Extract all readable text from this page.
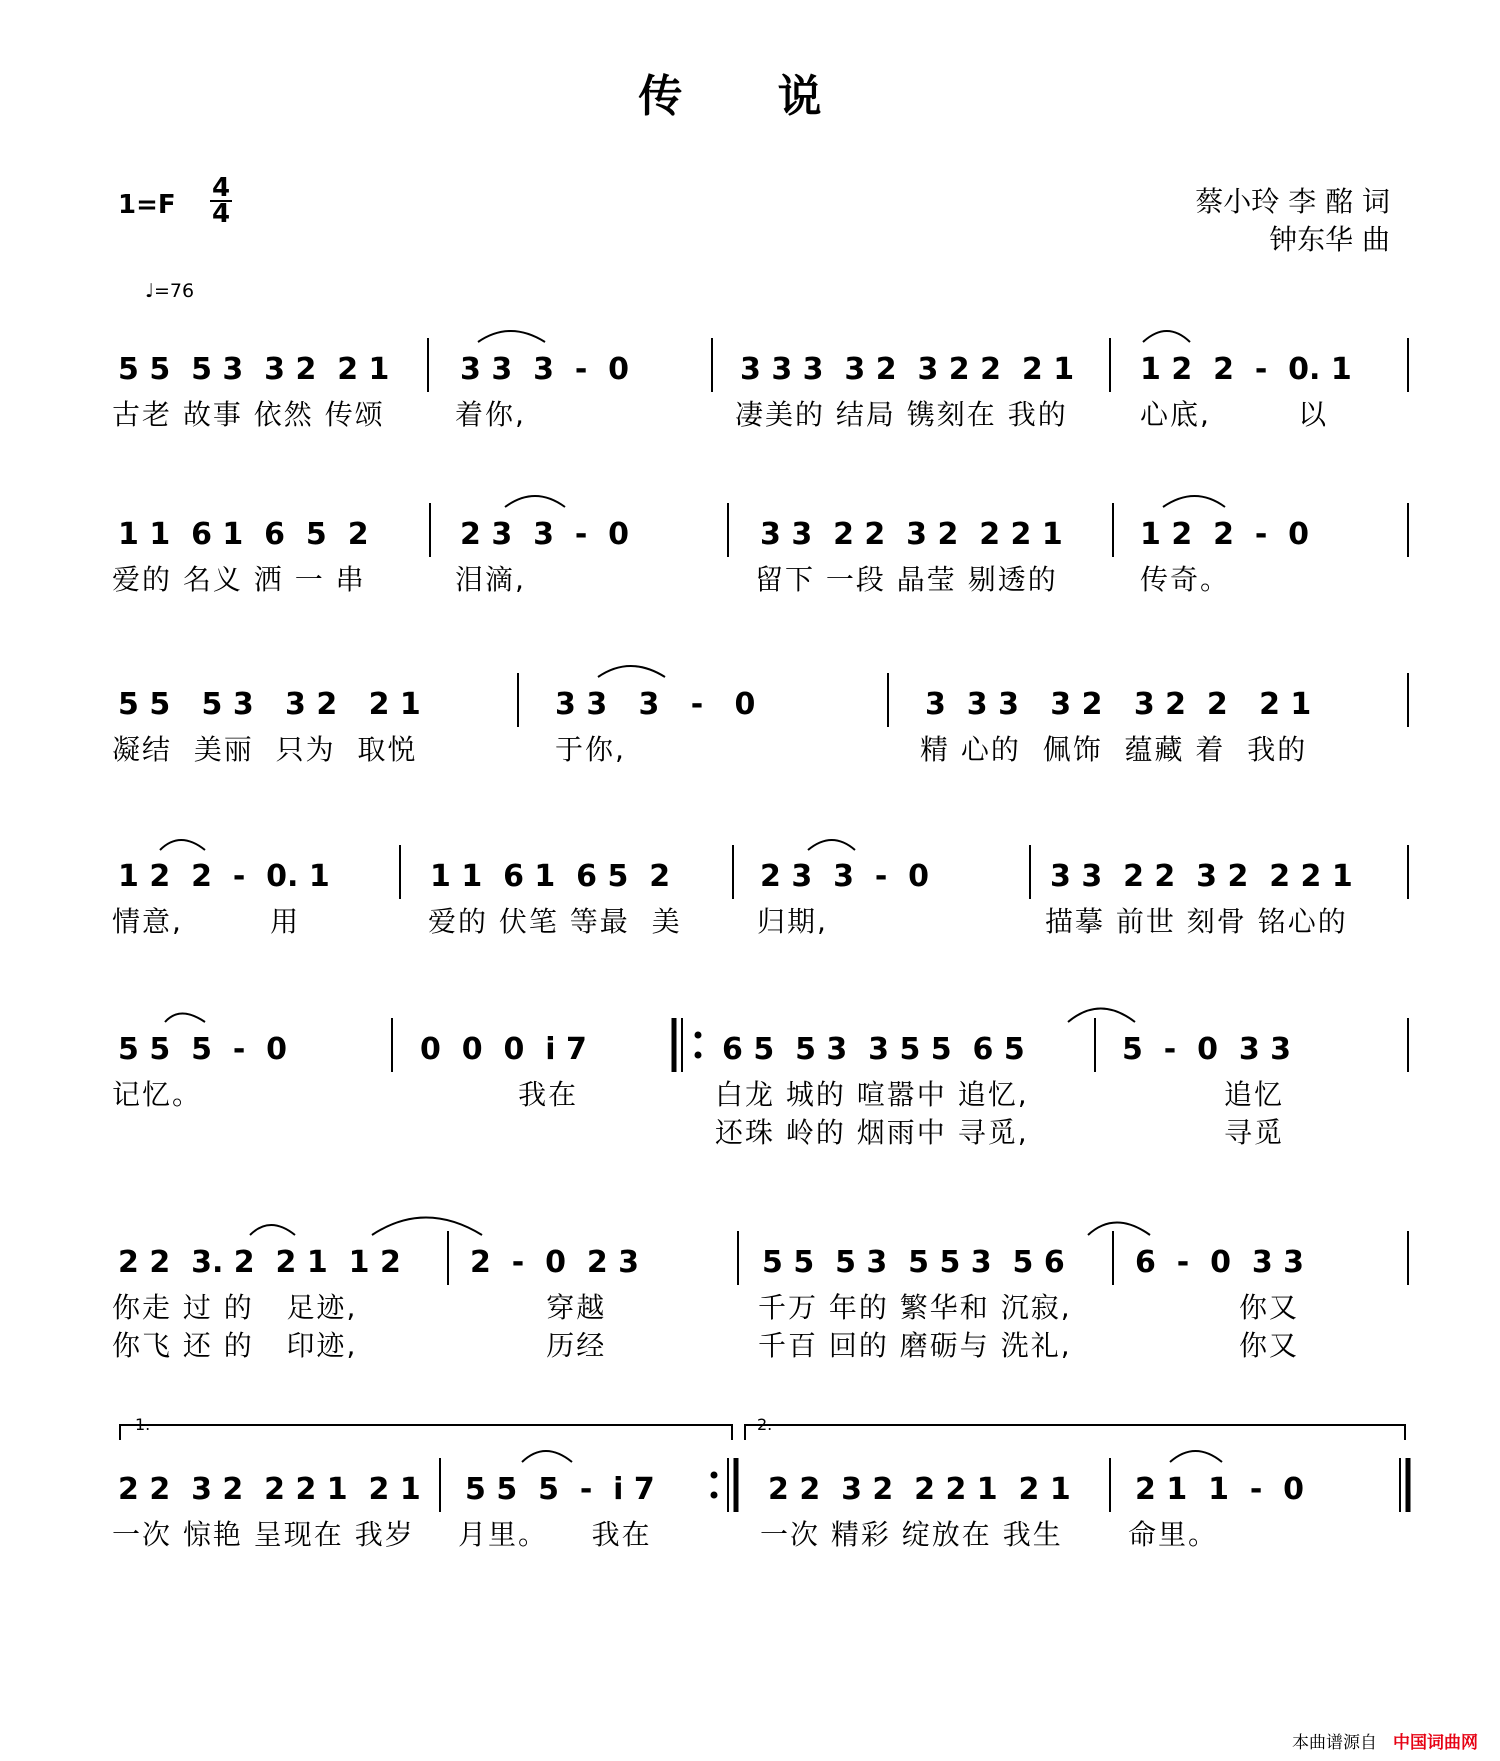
传 说
1=F
4
4
♩=76
蔡小玲 李 酩 词
钟东华 曲
5 5  5 3  3 2  2 1 3 3  3  -  0	3 3 3  3 2  3 2 2  2 1 1 2  2  -  0. 1
古老 故事 依然 传颂	着你,	凄美的 结局 镌刻在 我的	心底,        以
1 1  6 1  6  5  2	2 3  3  -  0	3 3  2 2  3 2  2 2 1	1 2  2  -  0
爱的 名义 洒 一 串	泪滴,	留下 一段 晶莹 剔透的	传奇。
5 5   5 3   3 2   2 1	3 3   3   -   0	3  3 3   3 2   3 2  2   2 1
凝结  美丽  只为  取悦	于你,	精 心的  佩饰  蕴藏 着  我的
1 2  2  -  0. 1	1 1  6 1  6 5  2	2 3  3  -  0	3 3  2 2  3 2  2 2 1
情意,        用	爱的 伏笔 等最  美	归期,	描摹 前世 刻骨 铭心的
5 5  5  -  0	0  0  0  i 7	6 5  5 3  3 5 5  6 5	5  -  0  3 3
记忆。	我在	白龙 城的 喧嚣中 追忆,	追忆
还珠 岭的 烟雨中 寻觅,	寻觅
2 2  3. 2  2 1  1 2 2  -  0  2 3	5 5  5 3  5 5 3  5 6 6  -  0  3 3
你走 过 的   足迹,	穿越	千万 年的 繁华和 沉寂, 你又
你飞 还 的   印迹,	历经	千百 回的 磨砺与 洗礼, 你又
1.	2.
2 2  3 2  2 2 1  2 1 5 5  5  -  i 7	2 2  3 2  2 2 1  2 1 2 1  1  -  0
一次 惊艳 呈现在 我岁 月里。    我在	一次 精彩 绽放在 我生 命里。
本曲谱源自 中国词曲网
